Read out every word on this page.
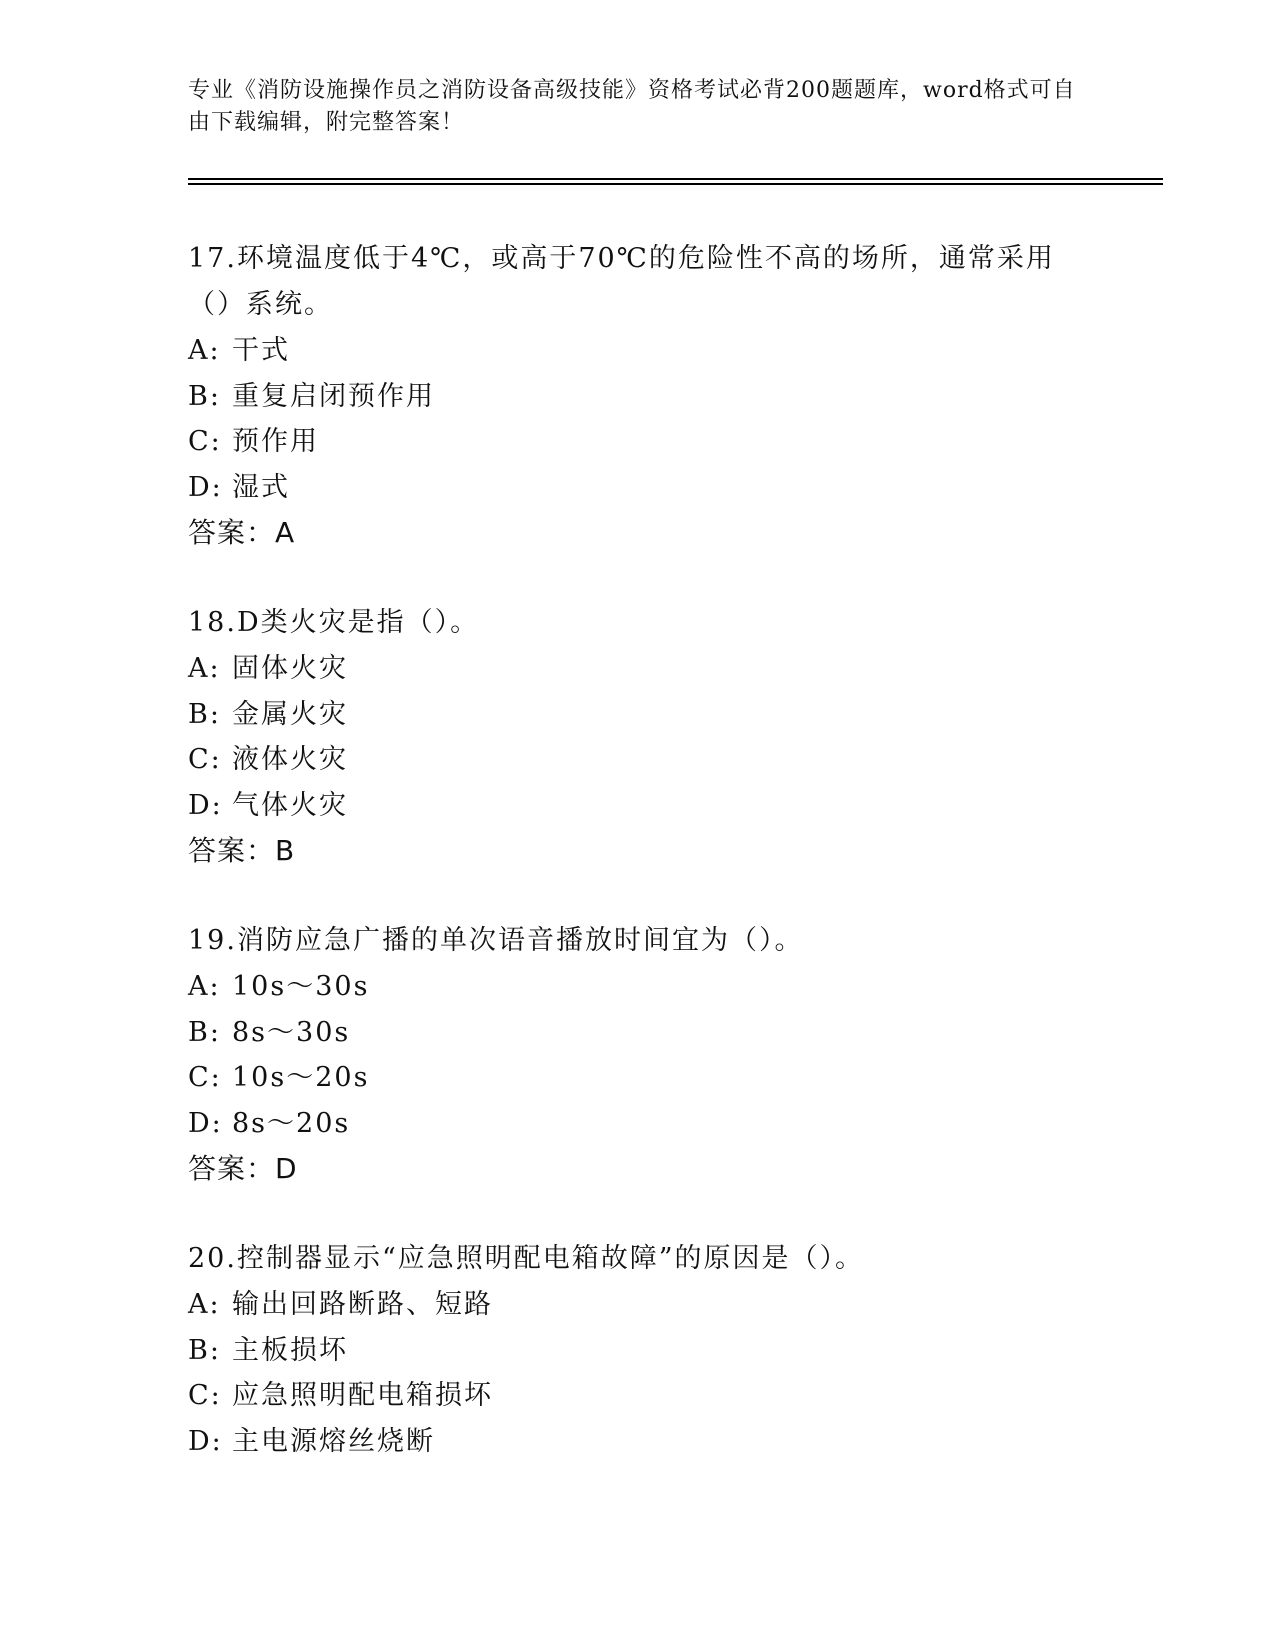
专业《消防设施操作员之消防设备高级技能》资格考试必背200题题库，word格式可自由下载编辑，附完整答案！

17.环境温度低于4℃，或高于70℃的危险性不高的场所，通常采用（）系统。

A: 干式
B: 重复启闭预作用
C: 预作用
D: 湿式
答案：A

18.D类火灾是指（）。

A: 固体火灾
B: 金属火灾
C: 液体火灾
D: 气体火灾
答案：B

19.消防应急广播的单次语音播放时间宜为（）。

A: 10s～30s
B: 8s～30s
C: 10s～20s
D: 8s～20s
答案：D

20.控制器显示“应急照明配电箱故障”的原因是（）。

A: 输出回路断路、短路
B: 主板损坏
C: 应急照明配电箱损坏
D: 主电源熔丝烧断
